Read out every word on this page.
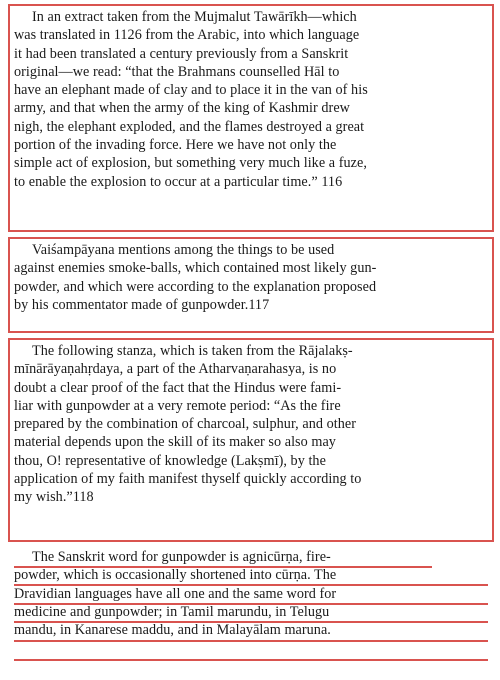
In an extract taken from the Mujmalut Tawārīkh—which
was translated in 1126 from the Arabic, into which language
it had been translated a century previously from a Sanskrit
original—we read: “that the Brahmans counselled Hāl to
have an elephant made of clay and to place it in the van of his
army, and that when the army of the king of Kashmir drew
nigh, the elephant exploded, and the flames destroyed a great
portion of the invading force. Here we have not only the
simple act of explosion, but something very much like a fuze,
to enable the explosion to occur at a particular time.” 116
Vaiśampāyana mentions among the things to be used
against enemies smoke-balls, which contained most likely gun-
powder, and which were according to the explanation proposed
by his commentator made of gunpowder.117
The following stanza, which is taken from the Rājalakṣ-
mīnārāyaṇahṛdaya, a part of the Atharvaṇarahasya, is no
doubt a clear proof of the fact that the Hindus were fami-
liar with gunpowder at a very remote period: “As the fire
prepared by the combination of charcoal, sulphur, and other
material depends upon the skill of its maker so also may
thou, O! representative of knowledge (Lakṣmī), by the
application of my faith manifest thyself quickly according to
my wish.”118
The Sanskrit word for gunpowder is agnicūrṇa, fire-
powder, which is occasionally shortened into cūrṇa. The
Dravidian languages have all one and the same word for
medicine and gunpowder; in Tamil marundu, in Telugu
mandu, in Kanarese maddu, and in Malayālam maruna.
